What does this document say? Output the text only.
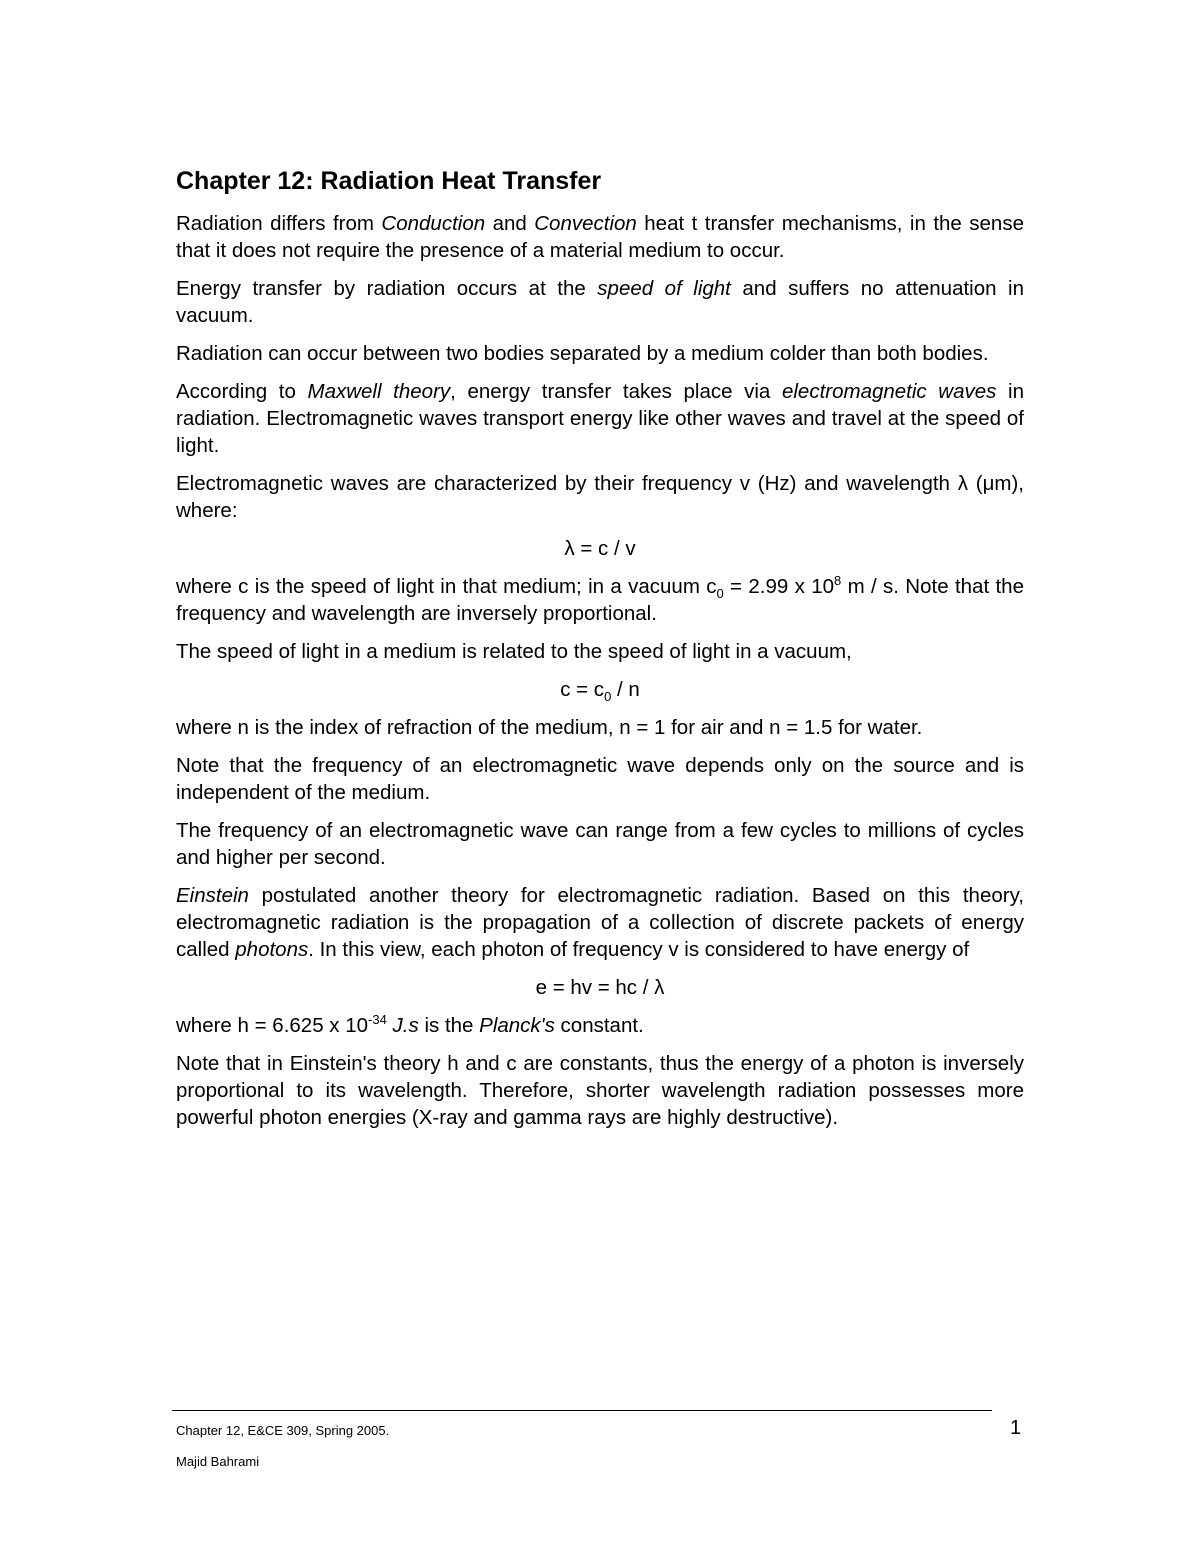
Chapter 12: Radiation Heat Transfer

Radiation differs from Conduction and Convection heat t transfer mechanisms, in the sense that it does not require the presence of a material medium to occur.

Energy transfer by radiation occurs at the speed of light and suffers no attenuation in vacuum.

Radiation can occur between two bodies separated by a medium colder than both bodies.

According to Maxwell theory, energy transfer takes place via electromagnetic waves in radiation. Electromagnetic waves transport energy like other waves and travel at the speed of light.

Electromagnetic waves are characterized by their frequency v (Hz) and wavelength λ (μm), where:

λ = c / v

where c is the speed of light in that medium; in a vacuum $c_0 = 2.99$ x $10^8$ m / s. Note that the frequency and wavelength are inversely proportional.

The speed of light in a medium is related to the speed of light in a vacuum,

$c = c_0 / n$

where n is the index of refraction of the medium, n = 1 for air and n = 1.5 for water.

Note that the frequency of an electromagnetic wave depends only on the source and is independent of the medium.

The frequency of an electromagnetic wave can range from a few cycles to millions of cycles and higher per second.

Einstein postulated another theory for electromagnetic radiation. Based on this theory, electromagnetic radiation is the propagation of a collection of discrete packets of energy called photons. In this view, each photon of frequency v is considered to have energy of

e = hv = hc / λ

where h = 6.625 x $10^{-34}$ J.s is the Planck's constant.

Note that in Einstein's theory h and c are constants, thus the energy of a photon is inversely proportional to its wavelength. Therefore, shorter wavelength radiation possesses more powerful photon energies (X-ray and gamma rays are highly destructive).

Chapter 12, E&CE 309, Spring 2005.	1
Majid Bahrami
